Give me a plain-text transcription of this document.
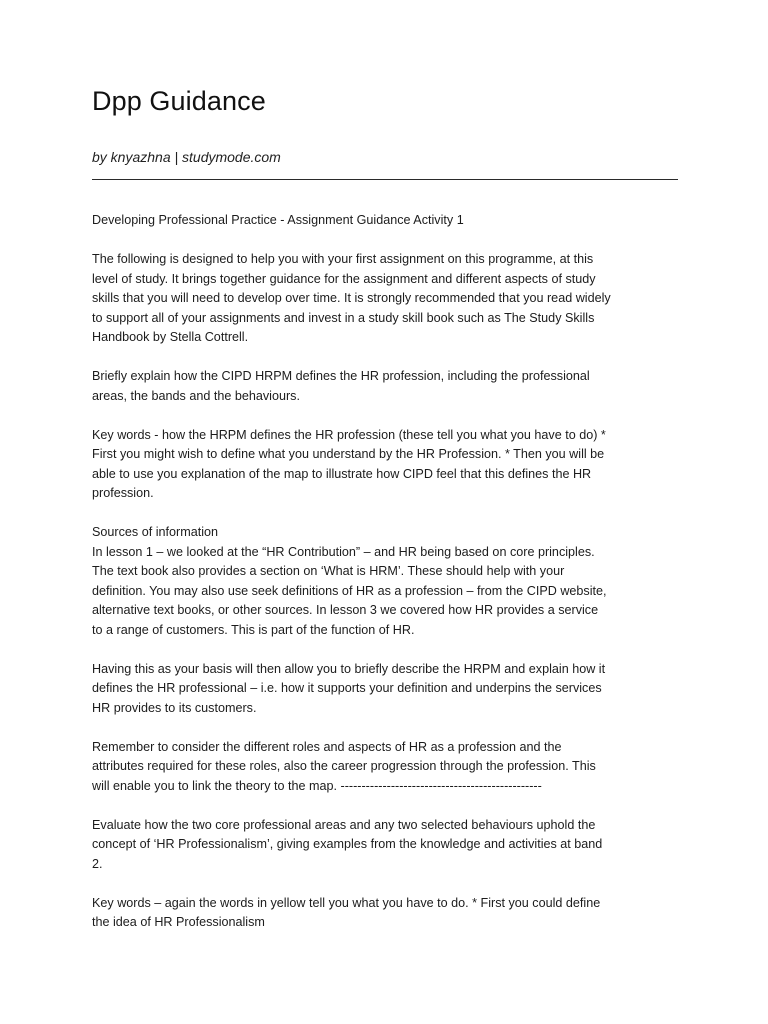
Dpp Guidance
by knyazhna | studymode.com

Developing Professional Practice - Assignment Guidance Activity 1

The following is designed to help you with your first assignment on this programme, at this
level of study. It brings together guidance for the assignment and different aspects of study
skills that you will need to develop over time. It is strongly recommended that you read widely
to support all of your assignments and invest in a study skill book such as The Study Skills
Handbook by Stella Cottrell.

Briefly explain how the CIPD HRPM defines the HR profession, including the professional
areas, the bands and the behaviours.

Key words - how the HRPM defines the HR profession (these tell you what you have to do) *
First you might wish to define what you understand by the HR Profession. * Then you will be
able to use you explanation of the map to illustrate how CIPD feel that this defines the HR
profession.

Sources of information
In lesson 1 – we looked at the “HR Contribution” – and HR being based on core principles.
The text book also provides a section on ‘What is HRM’. These should help with your
definition. You may also use seek definitions of HR as a profession – from the CIPD website,
alternative text books, or other sources. In lesson 3 we covered how HR provides a service
to a range of customers. This is part of the function of HR.

Having this as your basis will then allow you to briefly describe the HRPM and explain how it
defines the HR professional – i.e. how it supports your definition and underpins the services
HR provides to its customers.

Remember to consider the different roles and aspects of HR as a profession and the
attributes required for these roles, also the career progression through the profession. This
will enable you to link the theory to the map. ------------------------------------------------

Evaluate how the two core professional areas and any two selected behaviours uphold the
concept of ‘HR Professionalism’, giving examples from the knowledge and activities at band
2.

Key words – again the words in yellow tell you what you have to do. * First you could define
the idea of HR Professionalism
